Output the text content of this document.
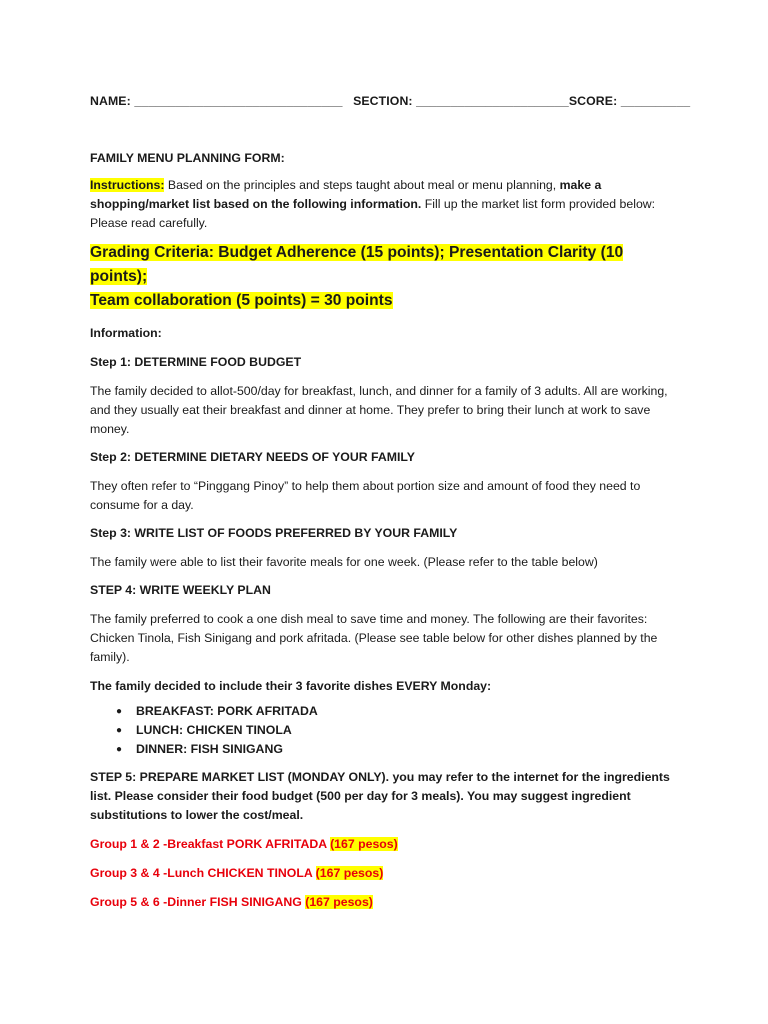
NAME: ______________________________ SECTION: ______________________SCORE: __________

FAMILY MENU PLANNING FORM:

Instructions: Based on the principles and steps taught about meal or menu planning, make a shopping/market list based on the following information. Fill up the market list form provided below: Please read carefully.

Grading Criteria: Budget Adherence (15 points); Presentation Clarity (10 points);
Team collaboration (5 points) = 30 points

Information:

Step 1: DETERMINE FOOD BUDGET

The family decided to allot-500/day for breakfast, lunch, and dinner for a family of 3 adults. All are working, and they usually eat their breakfast and dinner at home. They prefer to bring their lunch at work to save money.

Step 2: DETERMINE DIETARY NEEDS OF YOUR FAMILY

They often refer to “Pinggang Pinoy” to help them about portion size and amount of food they need to consume for a day.

Step 3: WRITE LIST OF FOODS PREFERRED BY YOUR FAMILY

The family were able to list their favorite meals for one week. (Please refer to the table below)

STEP 4: WRITE WEEKLY PLAN

The family preferred to cook a one dish meal to save time and money. The following are their favorites: Chicken Tinola, Fish Sinigang and pork afritada. (Please see table below for other dishes planned by the family).

The family decided to include their 3 favorite dishes EVERY Monday:

● BREAKFAST: PORK AFRITADA
● LUNCH: CHICKEN TINOLA
● DINNER: FISH SINIGANG

STEP 5: PREPARE MARKET LIST (MONDAY ONLY). you may refer to the internet for the ingredients list. Please consider their food budget (500 per day for 3 meals). You may suggest ingredient substitutions to lower the cost/meal.

Group 1 & 2 -Breakfast PORK AFRITADA (167 pesos)

Group 3 & 4 -Lunch CHICKEN TINOLA (167 pesos)

Group 5 & 6 -Dinner FISH SINIGANG (167 pesos)
